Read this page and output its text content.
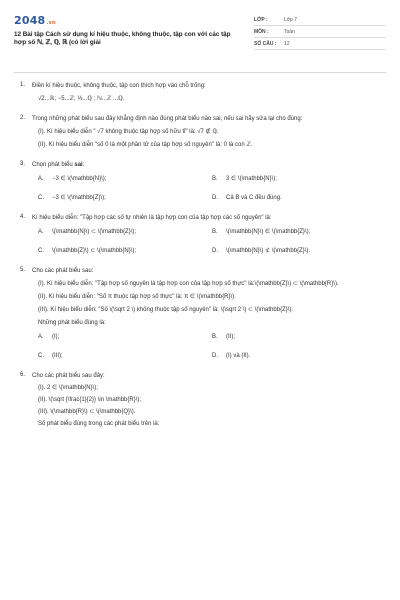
2048.vn
12 Bài tập Cách sử dụng kí hiệu thuộc, không thuộc, tập con với các tập hợp số ℕ, ℤ, ℚ, ℝ (có lời giải
LỚP :	Lớp 7
MÔN :	Toán
SỐ CÂU :	12
1.	Điền kí hiệu thuộc, không thuộc, tập con thích hợp vào chỗ trống:
√2...ℝ; −5...ℤ; ⅓...ℚ ; ℕ...ℤ ...ℚ.
2.	Trong những phát biểu sau đây khẳng định nào đúng phát biểu nào sai, nếu sai hãy sửa lại cho đúng:
(I). Kí hiệu biểu diễn " √7 không thuộc tập hợp số hữu tỉ" là: √7 ∉ ℚ.
(II). Kí hiệu biểu diễn "số 0 là một phần tử của tập hợp số nguyên" là: 0 là con ℤ.
3.	Chọn phát biểu sai:
A.	−3 ∈ \(\mathbb{N}\);	B.	3 ∈ \(\mathbb{N}\);
C.	−3 ∈ \(\mathbb{Z}\);	D.	Cả B và C đều đúng.
4.	Kí hiệu biểu diễn: "Tập hợp các số tự nhiên là tập hợp con của tập hợp các số nguyên" là:
A.	\(\mathbb{N}\) ⊂ \(\mathbb{Z}\);	B.	\(\mathbb{N}\) ∈ \(\mathbb{Z}\);
C.	\(\mathbb{Z}\) ⊂ \(\mathbb{N}\);	D.	\(\mathbb{N}\) ⊄ \(\mathbb{Z}\).
5.	Cho các phát biểu sau:
(I). Kí hiệu biểu diễn: "Tập hợp số nguyên là tập hợp con của tập hợp số thực" là:\(\mathbb{Z}\) ⊂ \(\mathbb{R}\).
(II). Kí hiệu biểu diễn: "Số π thuộc tập hợp số thực" là: π ∈ \(\mathbb{R}\).
(III). Kí hiệu biểu diễn: "Số \(\sqrt 2 \) không thuộc tập số nguyên" là: \(\sqrt 2 \) ⊂ \(\mathbb{Z}\).
Những phát biểu đúng là:
A.	(I);	B.	(II);
C.	(III);	D.	(I) và (II).
6.	Cho các phát biểu sau đây:
(I). 2 ∈ \(\mathbb{N}\);
(II). \(\sqrt {\frac{1}{2}} \in \mathbb{R}\);
(III). \(\mathbb{R}\) ⊂ \(\mathbb{Q}\).
Số phát biểu đúng trong các phát biểu trên là:
